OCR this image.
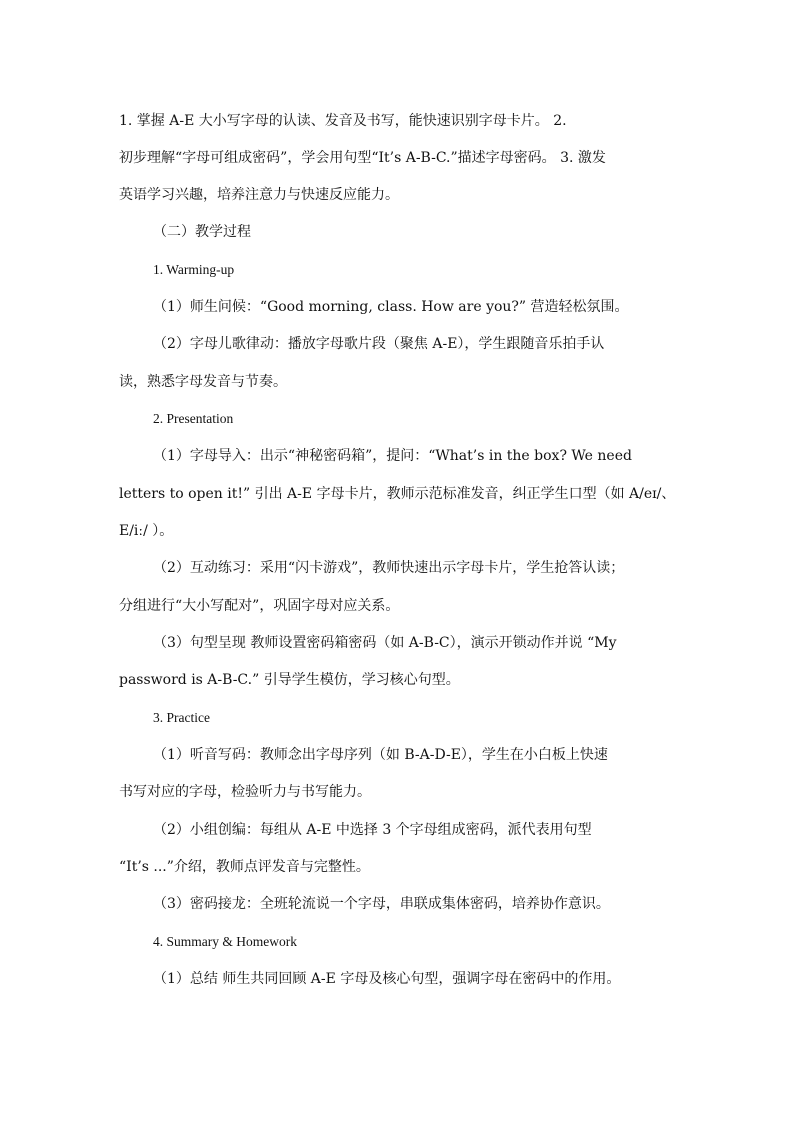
1. 掌握 A-E 大小写字母的认读、发音及书写，能快速识别字母卡片。 2.
初步理解“字母可组成密码”，学会用句型“It’s A-B-C.”描述字母密码。 3. 激发
英语学习兴趣，培养注意力与快速反应能力。
（二）教学过程
1. Warming-up
（1）师生问候：“Good morning, class. How are you?” 营造轻松氛围。
（2）字母儿歌律动：播放字母歌片段（聚焦 A-E），学生跟随音乐拍手认
读，熟悉字母发音与节奏。
2. Presentation
（1）字母导入：出示“神秘密码箱”，提问：“What’s in the box? We need
letters to open it!” 引出 A-E 字母卡片，教师示范标准发音，纠正学生口型（如 A/eɪ/、
E/iː/ ）。
（2）互动练习：采用“闪卡游戏”，教师快速出示字母卡片，学生抢答认读；
分组进行“大小写配对”，巩固字母对应关系。
（3）句型呈现 教师设置密码箱密码（如 A-B-C），演示开锁动作并说 “My
password is A-B-C.” 引导学生模仿，学习核心句型。
3. Practice
（1）听音写码：教师念出字母序列（如 B-A-D-E），学生在小白板上快速
书写对应的字母，检验听力与书写能力。
（2）小组创编：每组从 A-E 中选择 3 个字母组成密码，派代表用句型
“It’s ...”介绍，教师点评发音与完整性。
（3）密码接龙：全班轮流说一个字母，串联成集体密码，培养协作意识。
4. Summary & Homework
（1）总结 师生共同回顾 A-E 字母及核心句型，强调字母在密码中的作用。
